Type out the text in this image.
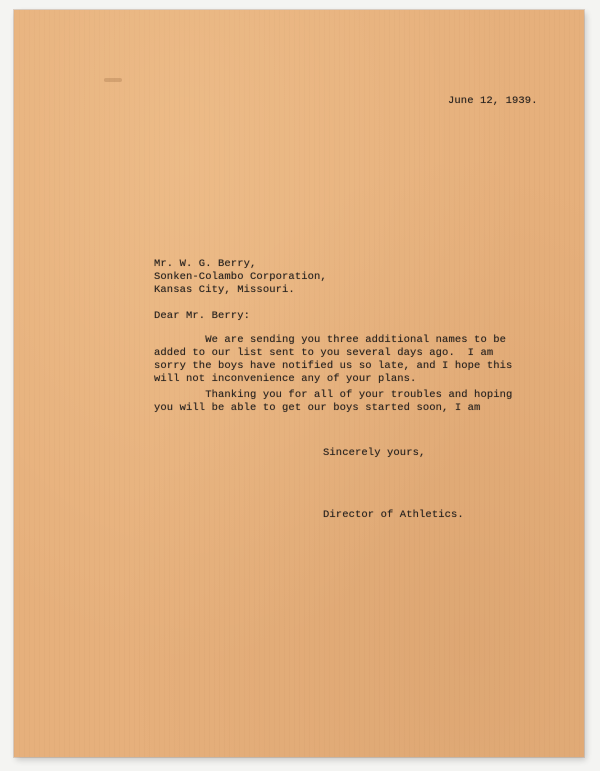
June 12, 1939.

Mr. W. G. Berry,

Sonken-Colambo Corporation,

Kansas City, Missouri.

Dear Mr. Berry:

We are sending you three additional names to be
added to our list sent to you several days ago.  I am
sorry the boys have notified us so late, and I hope this
will not inconvenience any of your plans.

Thanking you for all of your troubles and hoping
you will be able to get our boys started soon, I am

Sincerely yours,

Director of Athletics.
